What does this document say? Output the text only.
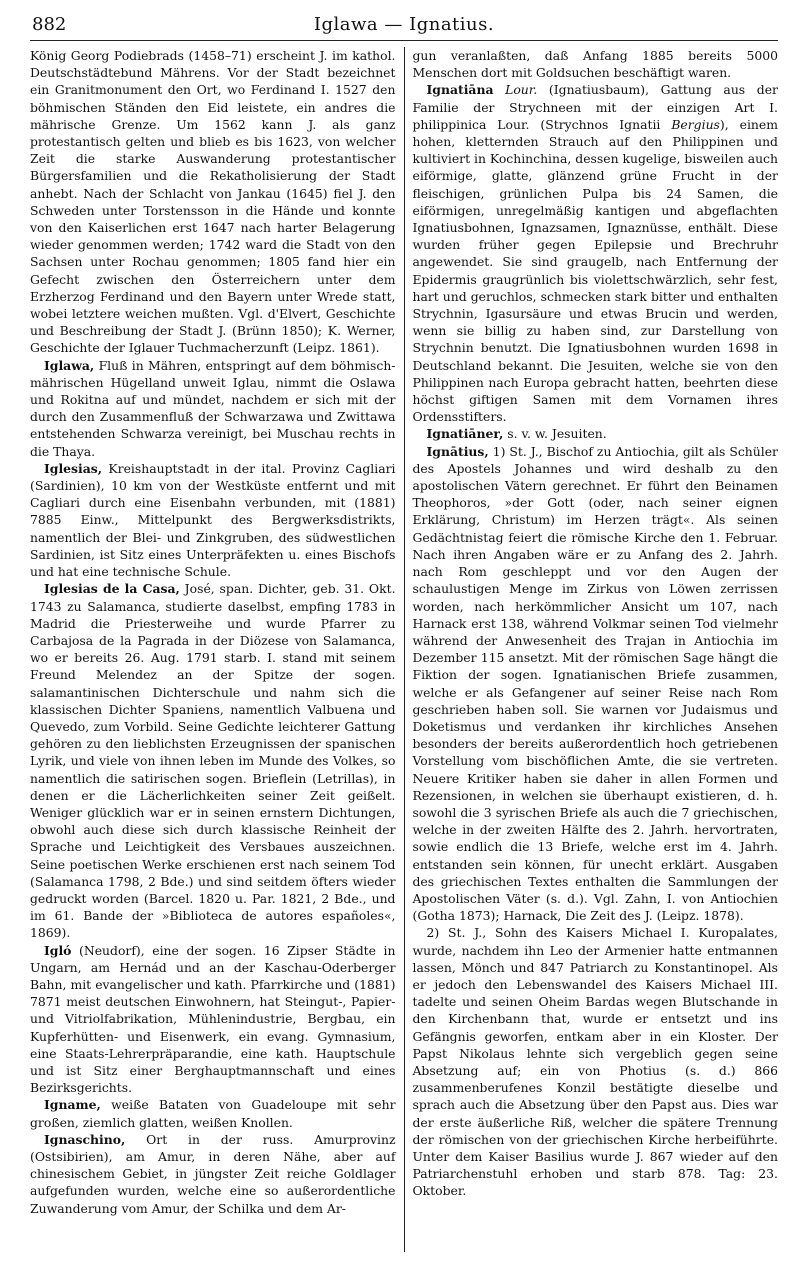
882	Iglawa — Ignatius.

König Georg Podiebrads (1458–71) erscheint J. im kathol. Deutschstädtebund Mährens. Vor der Stadt bezeichnet ein Granitmonument den Ort, wo Ferdinand I. 1527 den böhmischen Ständen den Eid leistete, ein andres die mährische Grenze. Um 1562 kann J. als ganz protestantisch gelten und blieb es bis 1623, von welcher Zeit die starke Auswanderung protestantischer Bürgersfamilien und die Rekatholisierung der Stadt anhebt. Nach der Schlacht von Jankau (1645) fiel J. den Schweden unter Torstensson in die Hände und konnte von den Kaiserlichen erst 1647 nach harter Belagerung wieder genommen werden; 1742 ward die Stadt von den Sachsen unter Rochau genommen; 1805 fand hier ein Gefecht zwischen den Österreichern unter dem Erzherzog Ferdinand und den Bayern unter Wrede statt, wobei letztere weichen mußten. Vgl. d'Elvert, Geschichte und Beschreibung der Stadt J. (Brünn 1850); K. Werner, Geschichte der Iglauer Tuchmacherzunft (Leipz. 1861).

Iglawa, Fluß in Mähren, entspringt auf dem böhmisch-mährischen Hügelland unweit Iglau, nimmt die Oslawa und Rokitna auf und mündet, nachdem er sich mit der durch den Zusammenfluß der Schwarzawa und Zwittawa entstehenden Schwarza vereinigt, bei Muschau rechts in die Thaya.

Iglesias, Kreishauptstadt in der ital. Provinz Cagliari (Sardinien), 10 km von der Westküste entfernt und mit Cagliari durch eine Eisenbahn verbunden, mit (1881) 7885 Einw., Mittelpunkt des Bergwerksdistrikts, namentlich der Blei- und Zinkgruben, des südwestlichen Sardinien, ist Sitz eines Unterpräfekten u. eines Bischofs und hat eine technische Schule.

Iglesias de la Casa, José, span. Dichter, geb. 31. Okt. 1743 zu Salamanca, studierte daselbst, empfing 1783 in Madrid die Priesterweihe und wurde Pfarrer zu Carbajosa de la Pagrada in der Diözese von Salamanca, wo er bereits 26. Aug. 1791 starb. I. stand mit seinem Freund Melendez an der Spitze der sogen. salamantinischen Dichterschule und nahm sich die klassischen Dichter Spaniens, namentlich Valbuena und Quevedo, zum Vorbild. Seine Gedichte leichterer Gattung gehören zu den lieblichsten Erzeugnissen der spanischen Lyrik, und viele von ihnen leben im Munde des Volkes, so namentlich die satirischen sogen. Brieflein (Letrillas), in denen er die Lächerlichkeiten seiner Zeit geißelt. Weniger glücklich war er in seinen ernstern Dichtungen, obwohl auch diese sich durch klassische Reinheit der Sprache und Leichtigkeit des Versbaues auszeichnen. Seine poetischen Werke erschienen erst nach seinem Tod (Salamanca 1798, 2 Bde.) und sind seitdem öfters wieder gedruckt worden (Barcel. 1820 u. Par. 1821, 2 Bde., und im 61. Bande der »Biblioteca de autores españoles«, 1869).

Igló (Neudorf), eine der sogen. 16 Zipser Städte in Ungarn, am Hernád und an der Kaschau-Oderberger Bahn, mit evangelischer und kath. Pfarrkirche und (1881) 7871 meist deutschen Einwohnern, hat Steingut-, Papier- und Vitriolfabrikation, Mühlenindustrie, Bergbau, ein Kupferhütten- und Eisenwerk, ein evang. Gymnasium, eine Staats-Lehrerpräparandie, eine kath. Hauptschule und ist Sitz einer Berghauptmannschaft und eines Bezirksgerichts.

Igname, weiße Bataten von Guadeloupe mit sehr großen, ziemlich glatten, weißen Knollen.

Ignaschino, Ort in der russ. Amurprovinz (Ostsibirien), am Amur, in deren Nähe, aber auf chinesischem Gebiet, in jüngster Zeit reiche Goldlager aufgefunden wurden, welche eine so außerordentliche Zuwanderung vom Amur, der Schilka und dem Ar-

gun veranlaßten, daß Anfang 1885 bereits 5000 Menschen dort mit Goldsuchen beschäftigt waren.

Ignatiāna Lour. (Ignatiusbaum), Gattung aus der Familie der Strychneen mit der einzigen Art I. philippinica Lour. (Strychnos Ignatii Bergius), einem hohen, kletternden Strauch auf den Philippinen und kultiviert in Kochinchina, dessen kugelige, bisweilen auch eiförmige, glatte, glänzend grüne Frucht in der fleischigen, grünlichen Pulpa bis 24 Samen, die eiförmigen, unregelmäßig kantigen und abgeflachten Ignatiusbohnen, Ignazsamen, Ignaznüsse, enthält. Diese wurden früher gegen Epilepsie und Brechruhr angewendet. Sie sind graugelb, nach Entfernung der Epidermis graugrünlich bis violettschwärzlich, sehr fest, hart und geruchlos, schmecken stark bitter und enthalten Strychnin, Igasursäure und etwas Brucin und werden, wenn sie billig zu haben sind, zur Darstellung von Strychnin benutzt. Die Ignatiusbohnen wurden 1698 in Deutschland bekannt. Die Jesuiten, welche sie von den Philippinen nach Europa gebracht hatten, beehrten diese höchst giftigen Samen mit dem Vornamen ihres Ordensstifters.

Ignatiāner, s. v. w. Jesuiten.

Ignātius, 1) St. J., Bischof zu Antiochia, gilt als Schüler des Apostels Johannes und wird deshalb zu den apostolischen Vätern gerechnet. Er führt den Beinamen Theophoros, »der Gott (oder, nach seiner eignen Erklärung, Christum) im Herzen trägt«. Als seinen Gedächtnistag feiert die römische Kirche den 1. Februar. Nach ihren Angaben wäre er zu Anfang des 2. Jahrh. nach Rom geschleppt und vor den Augen der schaulustigen Menge im Zirkus von Löwen zerrissen worden, nach herkömmlicher Ansicht um 107, nach Harnack erst 138, während Volkmar seinen Tod vielmehr während der Anwesenheit des Trajan in Antiochia im Dezember 115 ansetzt. Mit der römischen Sage hängt die Fiktion der sogen. Ignatianischen Briefe zusammen, welche er als Gefangener auf seiner Reise nach Rom geschrieben haben soll. Sie warnen vor Judaismus und Doketismus und verdanken ihr kirchliches Ansehen besonders der bereits außerordentlich hoch getriebenen Vorstellung vom bischöflichen Amte, die sie vertreten. Neuere Kritiker haben sie daher in allen Formen und Rezensionen, in welchen sie überhaupt existieren, d. h. sowohl die 3 syrischen Briefe als auch die 7 griechischen, welche in der zweiten Hälfte des 2. Jahrh. hervortraten, sowie endlich die 13 Briefe, welche erst im 4. Jahrh. entstanden sein können, für unecht erklärt. Ausgaben des griechischen Textes enthalten die Sammlungen der Apostolischen Väter (s. d.). Vgl. Zahn, I. von Antiochien (Gotha 1873); Harnack, Die Zeit des J. (Leipz. 1878).

2) St. J., Sohn des Kaisers Michael I. Kuropalates, wurde, nachdem ihn Leo der Armenier hatte entmannen lassen, Mönch und 847 Patriarch zu Konstantinopel. Als er jedoch den Lebenswandel des Kaisers Michael III. tadelte und seinen Oheim Bardas wegen Blutschande in den Kirchenbann that, wurde er entsetzt und ins Gefängnis geworfen, entkam aber in ein Kloster. Der Papst Nikolaus lehnte sich vergeblich gegen seine Absetzung auf; ein von Photius (s. d.) 866 zusammenberufenes Konzil bestätigte dieselbe und sprach auch die Absetzung über den Papst aus. Dies war der erste äußerliche Riß, welcher die spätere Trennung der römischen von der griechischen Kirche herbeiführte. Unter dem Kaiser Basilius wurde J. 867 wieder auf den Patriarchenstuhl erhoben und starb 878. Tag: 23. Oktober.
